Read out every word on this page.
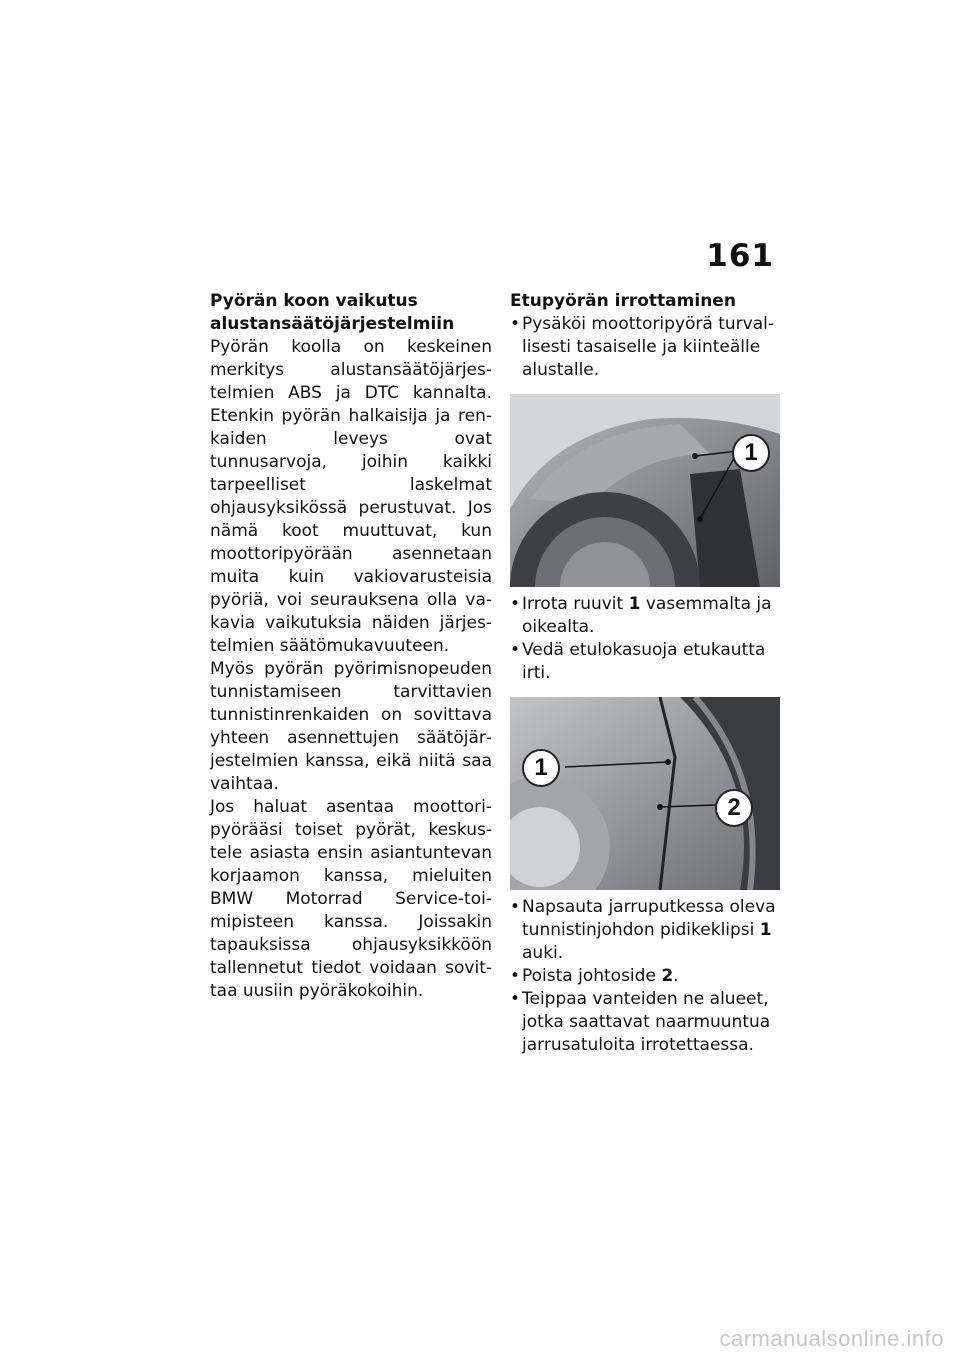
161
Pyörän koon vaikutus
alustansäätöjärjestelmiin

Pyörän koolla on keskeinen merkitys alustansäätöjärjestelmien ABS ja DTC kannalta. Etenkin pyörän halkaisija ja renkaiden leveys ovat tunnusarvoja, joihin kaikki tarpeelliset laskelmat ohjausyksikössä perustuvat. Jos nämä koot muuttuvat, kun moottoripyörään asennetaan muita kuin vakiovarusteisia pyöriä, voi seurauksena olla vakavia vaikutuksia näiden järjestelmien säätömukavuuteen.

Myös pyörän pyörimisnopeuden tunnistamiseen tarvittavien tunnistinrenkaiden on sovittava yhteen asennettujen säätöjärjestelmien kanssa, eikä niitä saa vaihtaa.

Jos haluat asentaa moottoripyörääsi toiset pyörät, keskustele asiasta ensin asiantuntevan korjaamon kanssa, mieluiten BMW Motorrad Service-toimipisteen kanssa. Joissakin tapauksissa ohjausyksikköön tallennetut tiedot voidaan sovittaa uusiin pyöräkokoihin.

Etupyörän irrottaminen
• Pysäköi moottoripyörä turvallisesti tasaiselle ja kiinteälle alustalle.
1
• Irrota ruuvit 1 vasemmalta ja oikealta.
• Vedä etulokasuoja etukautta irti.
1
2
• Napsauta jarruputkessa oleva tunnistinjohdon pidikeklipsi 1 auki.
• Poista johtoside 2.
• Teippaa vanteiden ne alueet, jotka saattavat naarmuuntua jarrusatuloita irrotettaessa.
carmanualsonline.info
